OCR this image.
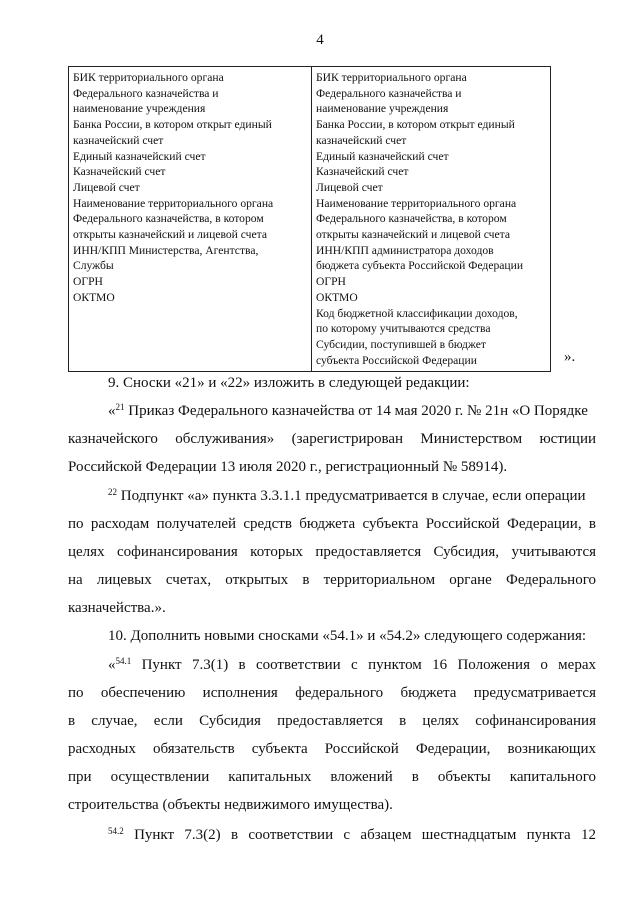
4
БИК территориального органа
Федерального казначейства и
наименование учреждения
Банка России, в котором открыт единый
казначейский счет
Единый казначейский счет
Казначейский счет
Лицевой счет
Наименование территориального органа
Федерального казначейства, в котором
открыты казначейский и лицевой счета
ИНН/КПП Министерства, Агентства,
Службы
ОГРН
ОКТМО

БИК территориального органа
Федерального казначейства и
наименование учреждения
Банка России, в котором открыт единый
казначейский счет
Единый казначейский счет
Казначейский счет
Лицевой счет
Наименование территориального органа
Федерального казначейства, в котором
открыты казначейский и лицевой счета
ИНН/КПП администратора доходов
бюджета субъекта Российской Федерации
ОГРН
ОКТМО
Код бюджетной классификации доходов,
по которому учитываются средства
Субсидии, поступившей в бюджет
субъекта Российской Федерации	».
9. Сноски «21» и «22» изложить в следующей редакции:
«$^{21}$ Приказ Федерального казначейства от 14 мая 2020 г. № 21н «О Порядке
казначейского обслуживания» (зарегистрирован Министерством юстиции
Российской Федерации 13 июля 2020 г., регистрационный № 58914).
$^{22}$ Подпункт «а» пункта 3.3.1.1 предусматривается в случае, если операции
по расходам получателей средств бюджета субъекта Российской Федерации, в
целях софинансирования которых предоставляется Субсидия, учитываются
на лицевых счетах, открытых в территориальном органе Федерального
казначейства.».
10. Дополнить новыми сносками «54.1» и «54.2» следующего содержания:
«$^{54.1}$ Пункт 7.3(1) в соответствии с пунктом 16 Положения о мерах
по обеспечению исполнения федерального бюджета предусматривается
в случае, если Субсидия предоставляется в целях софинансирования
расходных обязательств субъекта Российской Федерации, возникающих
при осуществлении капитальных вложений в объекты капитального
строительства (объекты недвижимого имущества).
$^{54.2}$ Пункт 7.3(2) в соответствии с абзацем шестнадцатым пункта 12
